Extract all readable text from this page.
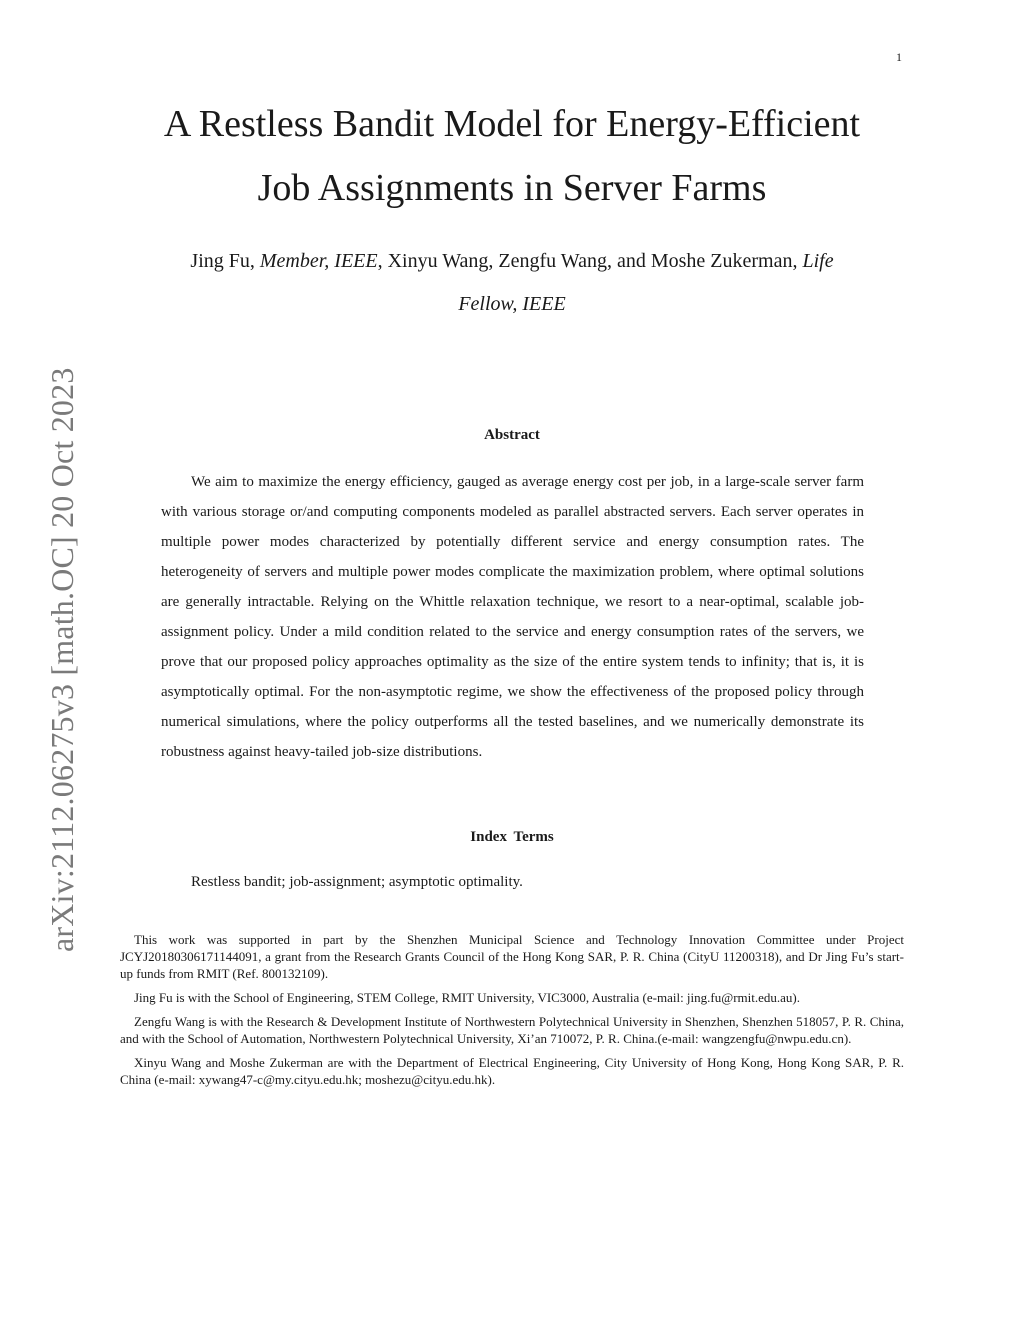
1
arXiv:2112.06275v3 [math.OC] 20 Oct 2023
A Restless Bandit Model for Energy-Efficient
Job Assignments in Server Farms
Jing Fu, Member, IEEE, Xinyu Wang, Zengfu Wang, and Moshe Zukerman, Life
Fellow, IEEE
Abstract

We aim to maximize the energy efficiency, gauged as average energy cost per job, in a large-scale server farm with various storage or/and computing components modeled as parallel abstracted servers. Each server operates in multiple power modes characterized by potentially different service and energy consumption rates. The heterogeneity of servers and multiple power modes complicate the maximization problem, where optimal solutions are generally intractable. Relying on the Whittle relaxation technique, we resort to a near-optimal, scalable job-assignment policy. Under a mild condition related to the service and energy consumption rates of the servers, we prove that our proposed policy approaches optimality as the size of the entire system tends to infinity; that is, it is asymptotically optimal. For the non-asymptotic regime, we show the effectiveness of the proposed policy through numerical simulations, where the policy outperforms all the tested baselines, and we numerically demonstrate its robustness against heavy-tailed job-size distributions.

Index Terms
Restless bandit; job-assignment; asymptotic optimality.

This work was supported in part by the Shenzhen Municipal Science and Technology Innovation Committee under Project JCYJ20180306171144091, a grant from the Research Grants Council of the Hong Kong SAR, P. R. China (CityU 11200318), and Dr Jing Fu’s start-up funds from RMIT (Ref. 800132109).

Jing Fu is with the School of Engineering, STEM College, RMIT University, VIC3000, Australia (e-mail: jing.fu@rmit.edu.au).

Zengfu Wang is with the Research & Development Institute of Northwestern Polytechnical University in Shenzhen, Shenzhen 518057, P. R. China, and with the School of Automation, Northwestern Polytechnical University, Xi’an 710072, P. R. China.(e-mail: wangzengfu@nwpu.edu.cn).

Xinyu Wang and Moshe Zukerman are with the Department of Electrical Engineering, City University of Hong Kong, Hong Kong SAR, P. R. China (e-mail: xywang47-c@my.cityu.edu.hk; moshezu@cityu.edu.hk).
